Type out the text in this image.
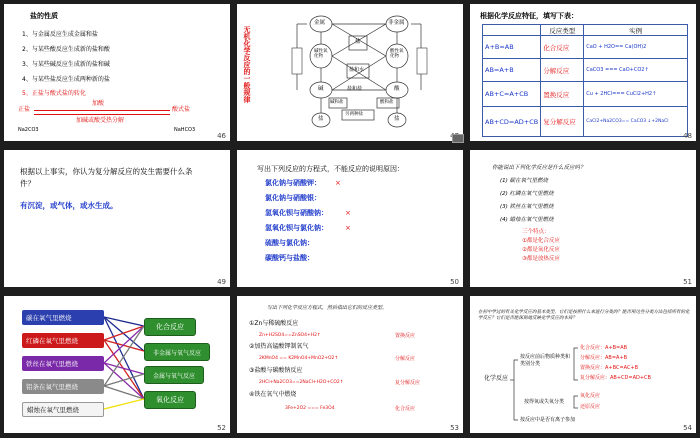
盐的性质
1、与金属反应生成金属和盐
2、与某些酸反应生成新的盐和酸
3、与某些碱反应生成新的盐和碱
4、与某些盐反应生成两种新的盐
5、正盐与酸式盐的转化
正盐
加酸
酸式盐
加碱或酸受热分解
Na2CO3	NaHCO3
46
无机化学反应的一般规律
金属	非金属
盐
碱性氧化物
酸性氧化物
盐和水
碱	酸
盐和盐
碱和盐	酸和盐
另两种盐
盐	盐
根据化学反应特征，填写下表：
	反应类型	实例
A+B=AB	化合反应	CaO + H2O== Ca(OH)2
AB=A+B	分解反应	CaCO3 === CaO+CO2↑
AB+C=A+CB	置换反应	Cu + 2HCl=== CuCl2+H2↑
AB+CD=AD+CB	复分解反应	CaCl2+Na2CO3== CaCO3 ↓+2NaCl
48
根据以上事实，你认为复分解反应的发生需要什么条件？
有沉淀，或气体，或水生成。
49
写出下列反应的方程式，不能反应的说明原因：
氯化钠与硝酸钾： ×
氯化钠与硝酸银：
氢氧化钡与硝酸钠： ×
氢氧化钡与氯化钠： ×
硫酸与氯化钠：
碳酸钙与盐酸：
50
你能说出下列化学反应是什么反应吗？
(1) 碳在氧气里燃烧
(2) 红磷在氧气里燃烧
(3) 铁丝在氧气里燃烧
(4) 蜡烛在氧气里燃烧
三个特点：
①都是化合反应
②都是氧化反应
③都是放热反应
51
碳在氧气里燃烧
红磷在氧气里燃烧
铁丝在氧气里燃烧
铝条在氧气里燃烧
蜡烛在氧气里燃烧
化合反应
非金属与氧气反应
金属与氧气反应
氧化反应
52
写出下列化学反应方程式，然后指出它们的反应类型。
①Zn与稀硫酸反应
Zn+H2SO4==ZnSO4+H2↑	置换反应
②加热高锰酸钾制氧气
2KMnO4 == K2MnO4+MnO2+O2↑	分解反应
③盐酸与碳酸钠反应
2HCl+Na2CO3==2NaCl+H2O+CO2↑	复分解反应
④铁在氧气中燃烧
3Fe+2O2 === Fe3O4	化合反应
53
在初中学过的有关化学反应的基本类型，它们是按照什么来进行分类的？能否用这些分类方法包括所有的化学反应？它们是否能深刻地反映化学反应的本质？
化学反应
按反应前后物质种类和类别分类
化合反应：A+B=AB
分解反应：AB=A+B
置换反应：A+BC=AC+B
复分解反应：AB+CD=AD+CB
按得氧或失氧分类
氧化反应
还原反应
按反应中是否有离子参加
54
